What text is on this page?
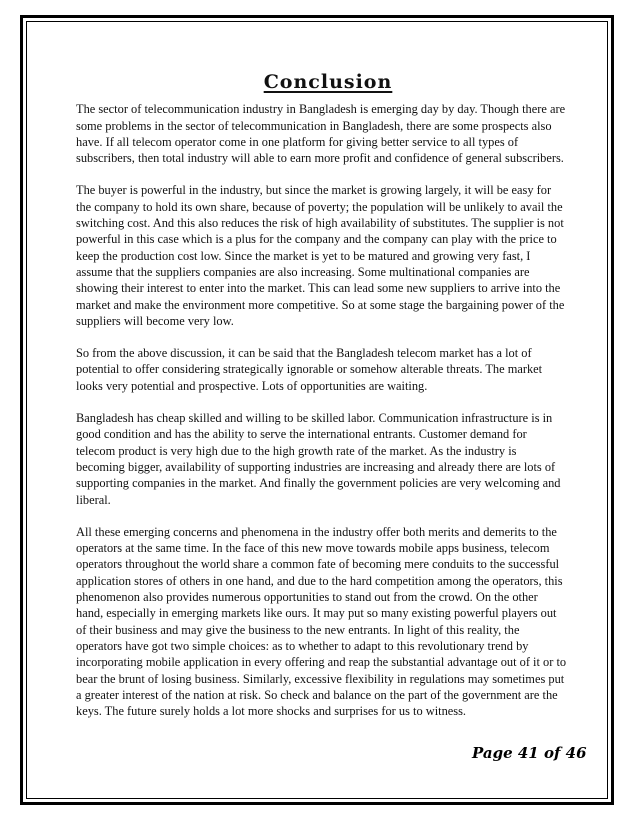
Conclusion

The sector of telecommunication industry in Bangladesh is emerging day by day. Though there are some problems in the sector of telecommunication in Bangladesh, there are some prospects also have. If all telecom operator come in one platform for giving better service to all types of subscribers, then total industry will able to earn more profit and confidence of general subscribers.

The buyer is powerful in the industry, but since the market is growing largely, it will be easy for the company to hold its own share, because of poverty; the population will be unlikely to avail the switching cost. And this also reduces the risk of high availability of substitutes. The supplier is not powerful in this case which is a plus for the company and the company can play with the price to keep the production cost low. Since the market is yet to be matured and growing very fast, I assume that the suppliers companies are also increasing. Some multinational companies are showing their interest to enter into the market. This can lead some new suppliers to arrive into the market and make the environment more competitive. So at some stage the bargaining power of the suppliers will become very low.

So from the above discussion, it can be said that the Bangladesh telecom market has a lot of potential to offer considering strategically ignorable or somehow alterable threats. The market looks very potential and prospective. Lots of opportunities are waiting.

Bangladesh has cheap skilled and willing to be skilled labor. Communication infrastructure is in good condition and has the ability to serve the international entrants. Customer demand for telecom product is very high due to the high growth rate of the market. As the industry is becoming bigger, availability of supporting industries are increasing and already there are lots of supporting companies in the market. And finally the government policies are very welcoming and liberal.

All these emerging concerns and phenomena in the industry offer both merits and demerits to the operators at the same time. In the face of this new move towards mobile apps business, telecom operators throughout the world share a common fate of becoming mere conduits to the successful application stores of others in one hand, and due to the hard competition among the operators, this phenomenon also provides numerous opportunities to stand out from the crowd. On the other hand, especially in emerging markets like ours. It may put so many existing powerful players out of their business and may give the business to the new entrants. In light of this reality, the operators have got two simple choices: as to whether to adapt to this revolutionary trend by incorporating mobile application in every offering and reap the substantial advantage out of it or to bear the brunt of losing business. Similarly, excessive flexibility in regulations may sometimes put a greater interest of the nation at risk. So check and balance on the part of the government are the keys. The future surely holds a lot more shocks and surprises for us to witness.

Page 41 of 46
